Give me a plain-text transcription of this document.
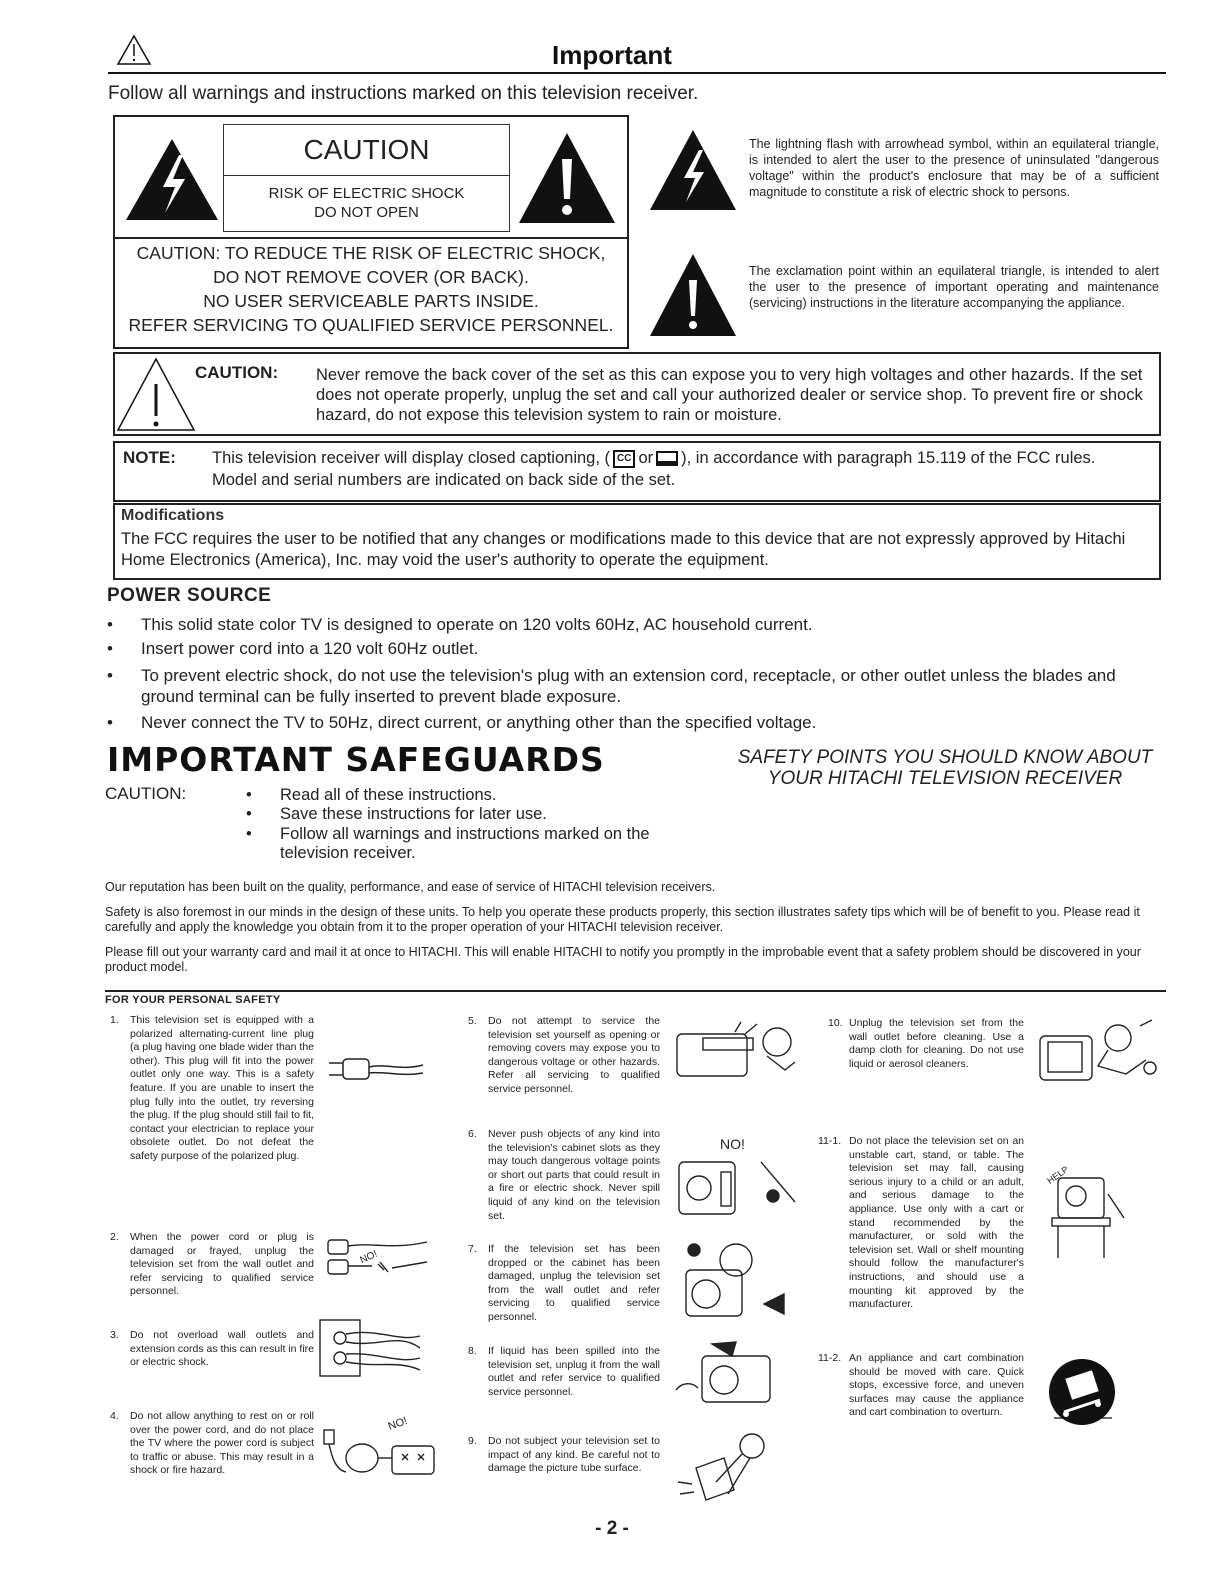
Important
Follow all warnings and instructions marked on this television receiver.
CAUTION
RISK OF ELECTRIC SHOCK
DO NOT OPEN
CAUTION: TO REDUCE THE RISK OF ELECTRIC SHOCK,
DO NOT REMOVE COVER (OR BACK).
NO USER SERVICEABLE PARTS INSIDE.
REFER SERVICING TO QUALIFIED SERVICE PERSONNEL.
The lightning flash with arrowhead symbol, within an equilateral triangle, is intended to alert the user to the presence of uninsulated "dangerous voltage" within the product's enclosure that may be of a sufficient magnitude to constitute a risk of electric shock to persons.
The exclamation point within an equilateral triangle, is intended to alert the user to the presence of important operating and maintenance (servicing) instructions in the literature accompanying the appliance.
CAUTION: Never remove the back cover of the set as this can expose you to very high voltages and other hazards. If the set does not operate properly, unplug the set and call your authorized dealer or service shop. To prevent fire or shock hazard, do not expose this television system to rain or moisture.
NOTE: This television receiver will display closed captioning, ( CC or ), in accordance with paragraph 15.119 of the FCC rules.
Model and serial numbers are indicated on back side of the set.
Modifications
The FCC requires the user to be notified that any changes or modifications made to this device that are not expressly approved by Hitachi Home Electronics (America), Inc. may void the user's authority to operate the equipment.
POWER SOURCE
• This solid state color TV is designed to operate on 120 volts 60Hz, AC household current.
• Insert power cord into a 120 volt 60Hz outlet.
• To prevent electric shock, do not use the television's plug with an extension cord, receptacle, or other outlet unless the blades and ground terminal can be fully inserted to prevent blade exposure.
• Never connect the TV to 50Hz, direct current, or anything other than the specified voltage.
IMPORTANT SAFEGUARDS	SAFETY POINTS YOU SHOULD KNOW ABOUT
YOUR HITACHI TELEVISION RECEIVER
CAUTION:	• Read all of these instructions.
• Save these instructions for later use.
• Follow all warnings and instructions marked on the television receiver.
Our reputation has been built on the quality, performance, and ease of service of HITACHI television receivers.
Safety is also foremost in our minds in the design of these units. To help you operate these products properly, this section illustrates safety tips which will be of benefit to you. Please read it carefully and apply the knowledge you obtain from it to the proper operation of your HITACHI television receiver.
Please fill out your warranty card and mail it at once to HITACHI. This will enable HITACHI to notify you promptly in the improbable event that a safety problem should be discovered in your product model.
FOR YOUR PERSONAL SAFETY
1. This television set is equipped with a polarized alternating-current line plug (a plug having one blade wider than the other). This plug will fit into the power outlet only one way. This is a safety feature. If you are unable to insert the plug fully into the outlet, try reversing the plug. If the plug should still fail to fit, contact your electrician to replace your obsolete outlet. Do not defeat the safety purpose of the polarized plug.
2. When the power cord or plug is damaged or frayed, unplug the television set from the wall outlet and refer servicing to qualified service personnel.
NO!
3. Do not overload wall outlets and extension cords as this can result in fire or electric shock.
4. Do not allow anything to rest on or roll over the power cord, and do not place the TV where the power cord is subject to traffic or abuse. This may result in a shock or fire hazard.
NO!
5. Do not attempt to service the television set yourself as opening or removing covers may expose you to dangerous voltage or other hazards. Refer all servicing to qualified service personnel.
6. Never push objects of any kind into the television's cabinet slots as they may touch dangerous voltage points or short out parts that could result in a fire or electric shock. Never spill liquid of any kind on the television set.
NO!
7. If the television set has been dropped or the cabinet has been damaged, unplug the television set from the wall outlet and refer servicing to qualified service personnel.
8. If liquid has been spilled into the television set, unplug it from the wall outlet and refer service to qualified service personnel.
9. Do not subject your television set to impact of any kind. Be careful not to damage the picture tube surface.
10. Unplug the television set from the wall outlet before cleaning. Use a damp cloth for cleaning. Do not use liquid or aerosol cleaners.
11-1. Do not place the television set on an unstable cart, stand, or table. The television set may fall, causing serious injury to a child or an adult, and serious damage to the appliance. Use only with a cart or stand recommended by the manufacturer, or sold with the television set. Wall or shelf mounting should follow the manufacturer's instructions, and should use a mounting kit approved by the manufacturer.
HELP
11-2. An appliance and cart combination should be moved with care. Quick stops, excessive force, and uneven surfaces may cause the appliance and cart combination to overturn.
- 2 -
